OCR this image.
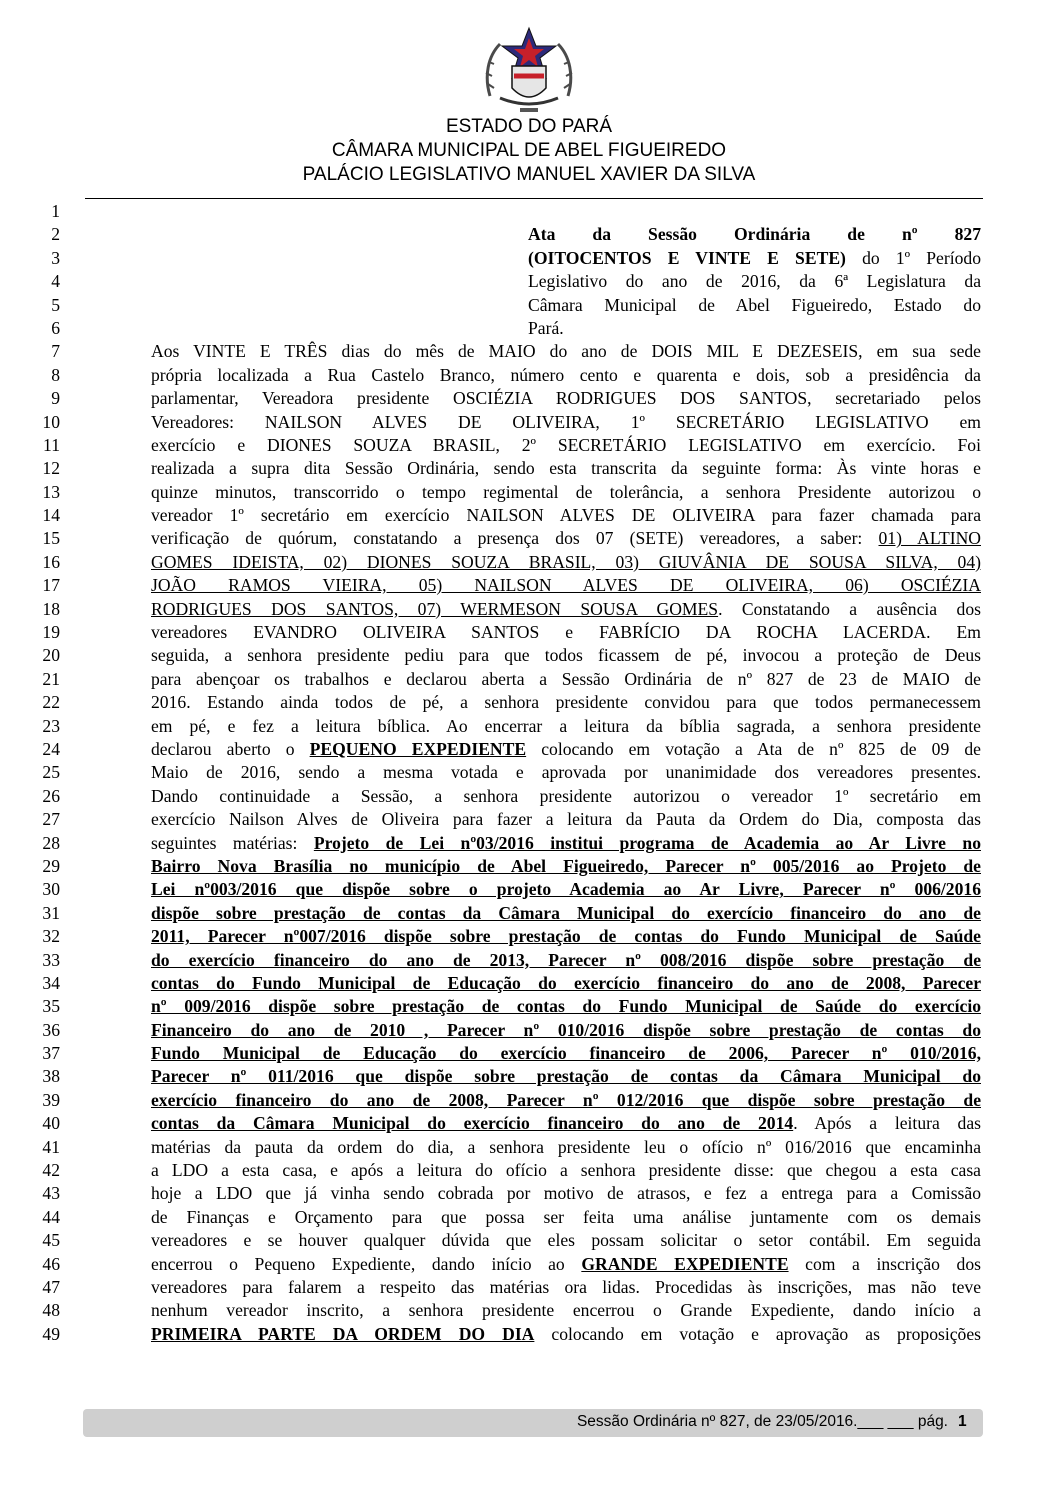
ESTADO DO PARÁ
CÂMARA MUNICIPAL DE ABEL FIGUEIREDO
PALÁCIO LEGISLATIVO MANUEL XAVIER DA SILVA
1
2
3
4
5
6
7
8
9
10
11
12
13
14
15
16
17
18
19
20
21
22
23
24
25
26
27
28
29
30
31
32
33
34
35
36
37
38
39
40
41
42
43
44
45
46
47
48
49
Ata da Sessão Ordinária de nº 827
(OITOCENTOS E VINTE E SETE) do 1º Período
Legislativo do ano de 2016, da 6ª Legislatura da
Câmara Municipal de Abel Figueiredo, Estado do
Pará.
Aos VINTE E TRÊS dias do mês de MAIO do ano de DOIS MIL E DEZESEIS, em sua sede
própria localizada a Rua Castelo Branco, número cento e quarenta e dois, sob a presidência da
parlamentar, Vereadora presidente OSCIÉZIA RODRIGUES DOS SANTOS, secretariado pelos
Vereadores: NAILSON ALVES DE OLIVEIRA, 1º SECRETÁRIO LEGISLATIVO em
exercício e DIONES SOUZA BRASIL, 2º SECRETÁRIO LEGISLATIVO em exercício. Foi
realizada a supra dita Sessão Ordinária, sendo esta transcrita da seguinte forma: Às vinte horas e
quinze minutos, transcorrido o tempo regimental de tolerância, a senhora Presidente autorizou o
vereador 1º secretário em exercício NAILSON ALVES DE OLIVEIRA para fazer chamada para
verificação de quórum, constatando a presença dos 07 (SETE) vereadores, a saber: 01) ALTINO
GOMES IDEISTA, 02) DIONES SOUZA BRASIL, 03) GIUVÂNIA DE SOUSA SILVA, 04)
JOÃO RAMOS VIEIRA, 05) NAILSON ALVES DE OLIVEIRA, 06) OSCIÉZIA
RODRIGUES DOS SANTOS, 07) WERMESON SOUSA GOMES. Constatando a ausência dos
vereadores EVANDRO OLIVEIRA SANTOS e FABRÍCIO DA ROCHA LACERDA. Em
seguida, a senhora presidente pediu para que todos ficassem de pé, invocou a proteção de Deus
para abençoar os trabalhos e declarou aberta a Sessão Ordinária de nº 827 de 23 de MAIO de
2016. Estando ainda todos de pé, a senhora presidente convidou para que todos permanecessem
em pé, e fez a leitura bíblica. Ao encerrar a leitura da bíblia sagrada, a senhora presidente
declarou aberto o PEQUENO EXPEDIENTE colocando em votação a Ata de nº 825 de 09 de
Maio de 2016, sendo a mesma votada e aprovada por unanimidade dos vereadores presentes.
Dando continuidade a Sessão, a senhora presidente autorizou o vereador 1º secretário em
exercício Nailson Alves de Oliveira para fazer a leitura da Pauta da Ordem do Dia, composta das
seguintes matérias: Projeto de Lei nº03/2016 institui programa de Academia ao Ar Livre no
Bairro Nova Brasília no município de Abel Figueiredo, Parecer nº 005/2016 ao Projeto de
Lei nº003/2016 que dispõe sobre o projeto Academia ao Ar Livre, Parecer nº 006/2016
dispõe sobre prestação de contas da Câmara Municipal do exercício financeiro do ano de
2011, Parecer nº007/2016 dispõe sobre prestação de contas do Fundo Municipal de Saúde
do exercício financeiro do ano de 2013, Parecer nº 008/2016 dispõe sobre prestação de
contas do Fundo Municipal de Educação do exercício financeiro do ano de 2008, Parecer
nº 009/2016 dispõe sobre prestação de contas do Fundo Municipal de Saúde do exercício
Financeiro do ano de 2010 , Parecer nº 010/2016 dispõe sobre prestação de contas do
Fundo Municipal de Educação do exercício financeiro de 2006, Parecer nº 010/2016,
Parecer nº 011/2016 que dispõe sobre prestação de contas da Câmara Municipal do
exercício financeiro do ano de 2008, Parecer nº 012/2016 que dispõe sobre prestação de
contas da Câmara Municipal do exercício financeiro do ano de 2014. Após a leitura das
matérias da pauta da ordem do dia, a senhora presidente leu o ofício nº 016/2016 que encaminha
a LDO a esta casa, e após a leitura do ofício a senhora presidente disse: que chegou a esta casa
hoje a LDO que já vinha sendo cobrada por motivo de atrasos, e fez a entrega para a Comissão
de Finanças e Orçamento para que possa ser feita uma análise juntamente com os demais
vereadores e se houver qualquer dúvida que eles possam solicitar o setor contábil. Em seguida
encerrou o Pequeno Expediente, dando início ao GRANDE EXPEDIENTE com a inscrição dos
vereadores para falarem a respeito das matérias ora lidas. Procedidas às inscrições, mas não teve
nenhum vereador inscrito, a senhora presidente encerrou o Grande Expediente, dando início a
PRIMEIRA PARTE DA ORDEM DO DIA colocando em votação e aprovação as proposições
Sessão Ordinária nº 827, de 23/05/2016.___ ___ pág. 1
